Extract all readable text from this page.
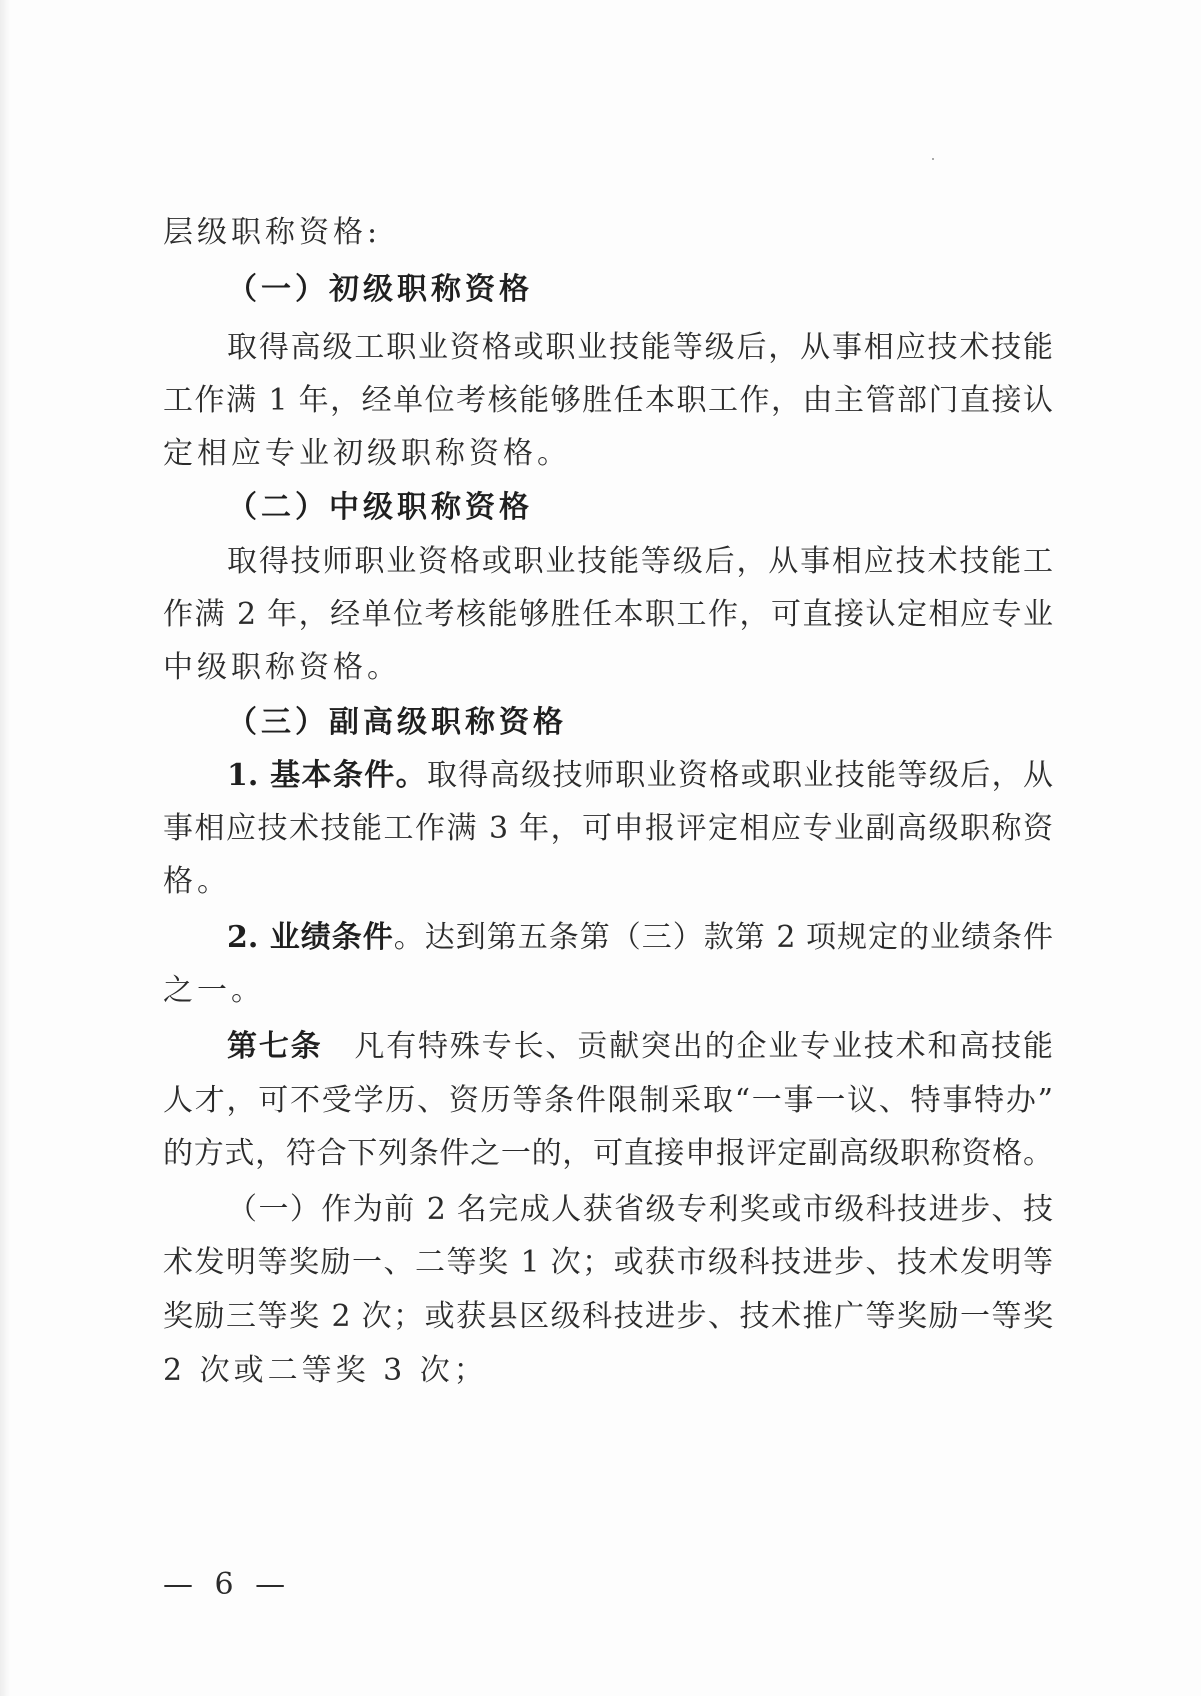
层级职称资格:
（一）初级职称资格
取得高级工职业资格或职业技能等级后，从事相应技术技能
工作满 1 年，经单位考核能够胜任本职工作，由主管部门直接认
定相应专业初级职称资格。
（二）中级职称资格
取得技师职业资格或职业技能等级后，从事相应技术技能工
作满 2 年，经单位考核能够胜任本职工作，可直接认定相应专业
中级职称资格。
（三）副高级职称资格
1. 基本条件。取得高级技师职业资格或职业技能等级后，从
事相应技术技能工作满 3 年，可申报评定相应专业副高级职称资
格。
2. 业绩条件。达到第五条第（三）款第 2 项规定的业绩条件
之一。
第七条　凡有特殊专长、贡献突出的企业专业技术和高技能
人才，可不受学历、资历等条件限制采取“一事一议、特事特办”
的方式，符合下列条件之一的，可直接申报评定副高级职称资格。
（一）作为前 2 名完成人获省级专利奖或市级科技进步、技
术发明等奖励一、二等奖 1 次；或获市级科技进步、技术发明等
奖励三等奖 2 次；或获县区级科技进步、技术推广等奖励一等奖
2 次或二等奖 3 次；
— 6 —
